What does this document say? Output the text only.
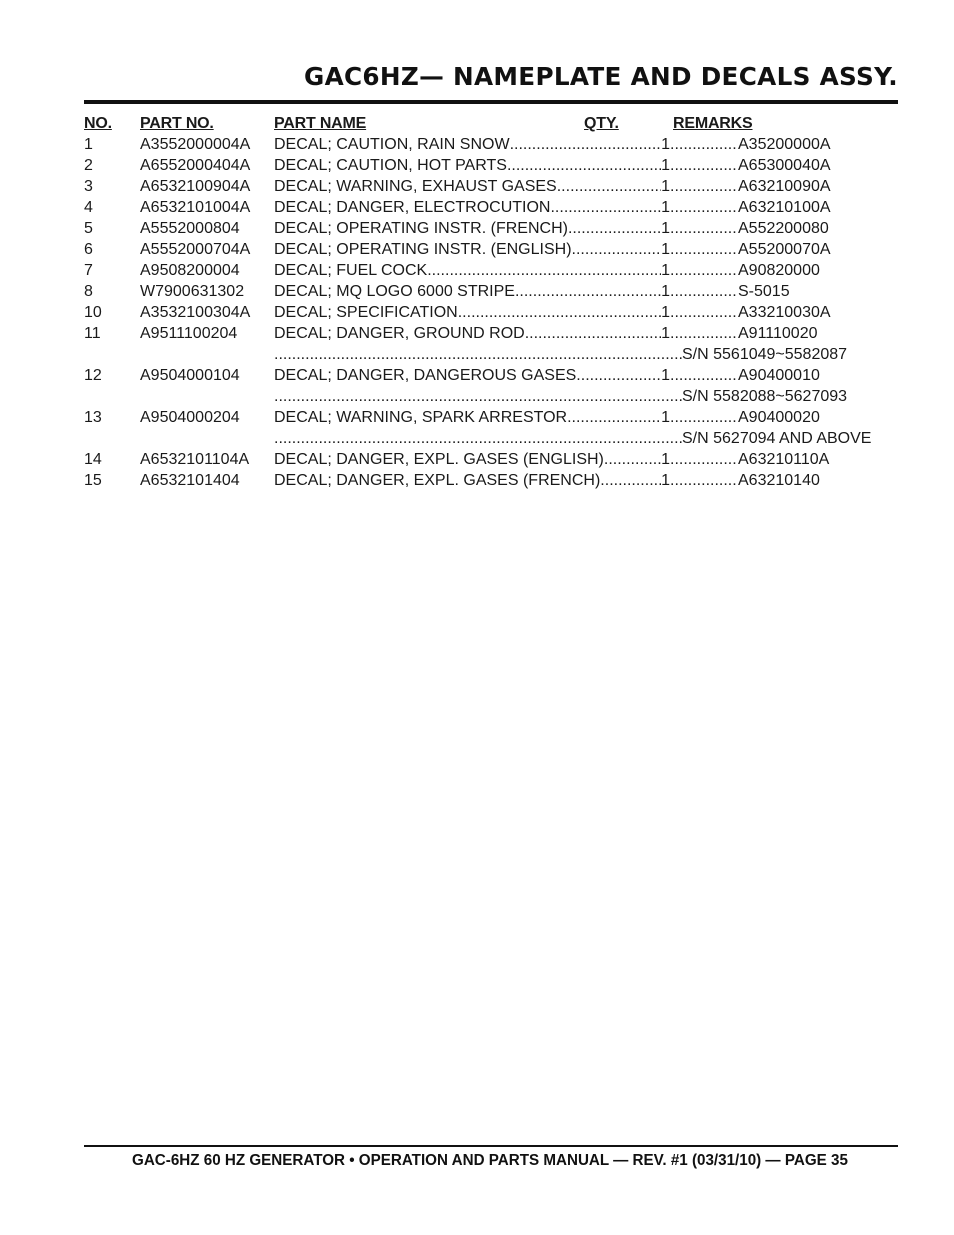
GAC6HZ— NAMEPLATE AND DECALS ASSY.
NO. PART NO.	PART NAME	QTY.	REMARKS
1	A3552000004A DECAL; CAUTION, RAIN SNOW .....	1 .....	A35200000A
2	A6552000404A DECAL; CAUTION, HOT PARTS .....	1 .....	A65300040A
3	A6532100904A DECAL; WARNING, EXHAUST GASES .....	1 .....	A63210090A
4	A6532101004A DECAL; DANGER, ELECTROCUTION .....	1 .....	A63210100A
5	A5552000804 DECAL; OPERATING INSTR. (FRENCH) .....	1 .....	A552200080
6	A5552000704A DECAL; OPERATING INSTR. (ENGLISH) .....	1 .....	A55200070A
7	A9508200004 DECAL; FUEL COCK .....	1 .....	A90820000
8	W7900631302 DECAL; MQ LOGO 6000 STRIPE .....	1 .....	S-5015
10 A3532100304A DECAL; SPECIFICATION .....	1 .....	A33210030A
11 A9511100204 DECAL; DANGER, GROUND ROD .....	1 .....	A91110020
.....
S/N 5561049~5582087
12 A9504000104 DECAL; DANGER, DANGEROUS GASES .....	1 .....	A90400010
.....
S/N 5582088~5627093
13 A9504000204 DECAL; WARNING, SPARK ARRESTOR .....	1 .....	A90400020
.....
S/N 5627094 AND ABOVE
14 A6532101104A DECAL; DANGER, EXPL. GASES (ENGLISH) .....	1 .....	A63210110A
15 A6532101404 DECAL; DANGER, EXPL. GASES (FRENCH) .....	1 .....	A63210140
GAC-6HZ 60 HZ GENERATOR • OPERATION AND PARTS MANUAL — REV. #1 (03/31/10) — PAGE 35
